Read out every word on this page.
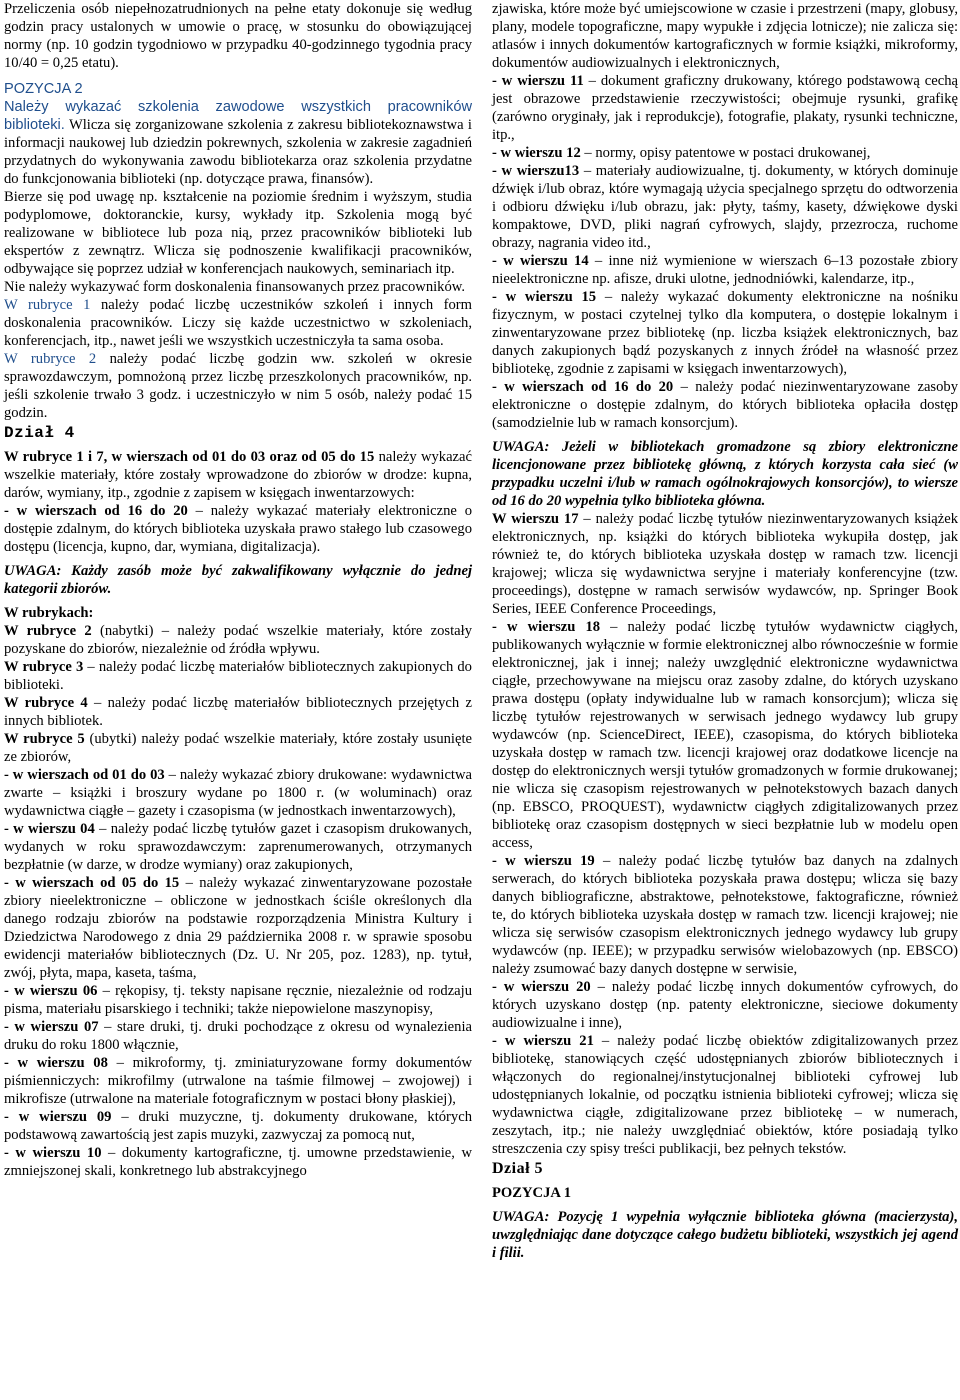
Przeliczenia osób niepełnozatrudnionych na pełne etaty dokonuje się według godzin pracy ustalonych w umowie o pracę, w stosunku do obowiązującej normy (np. 10 godzin tygodniowo w przypadku 40-godzinnego tygodnia pracy 10/40 = 0,25 etatu).

POZYCJA 2

Należy wykazać szkolenia zawodowe wszystkich pracowników biblioteki. Wlicza się zorganizowane szkolenia z zakresu bibliotekoznawstwa i informacji naukowej lub dziedzin pokrewnych, szkolenia w zakresie zagadnień przydatnych do wykonywania zawodu bibliotekarza oraz szkolenia przydatne do funkcjonowania biblioteki (np. dotyczące prawa, finansów).

Bierze się pod uwagę np. kształcenie na poziomie średnim i wyższym, studia podyplomowe, doktoranckie, kursy, wykłady itp. Szkolenia mogą być realizowane w bibliotece lub poza nią, przez pracowników biblioteki lub ekspertów z zewnątrz. Wlicza się podnoszenie kwalifikacji pracowników, odbywające się poprzez udział w konferencjach naukowych, seminariach itp.

Nie należy wykazywać form doskonalenia finansowanych przez pracowników.

W rubryce 1 należy podać liczbę uczestników szkoleń i innych form doskonalenia pracowników. Liczy się każde uczestnictwo w szkoleniach, konferencjach, itp., nawet jeśli we wszystkich uczestniczyła ta sama osoba.

W rubryce 2 należy podać liczbę godzin ww. szkoleń w okresie sprawozdawczym, pomnożoną przez liczbę przeszkolonych pracowników, np. jeśli szkolenie trwało 3 godz. i uczestniczyło w nim 5 osób, należy podać 15 godzin.

Dział 4

W rubryce 1 i 7, w wierszach od 01 do 03 oraz od 05 do 15 należy wykazać wszelkie materiały, które zostały wprowadzone do zbiorów w drodze: kupna, darów, wymiany, itp., zgodnie z zapisem w księgach inwentarzowych:

- w wierszach od 16 do 20 – należy wykazać materiały elektroniczne o dostępie zdalnym, do których biblioteka uzyskała prawo stałego lub czasowego dostępu (licencja, kupno, dar, wymiana, digitalizacja).

UWAGA: Każdy zasób może być zakwalifikowany wyłącznie do jednej kategorii zbiorów.

W rubrykach:

W rubryce 2 (nabytki) – należy podać wszelkie materiały, które zostały pozyskane do zbiorów, niezależnie od źródła wpływu.

W rubryce 3 – należy podać liczbę materiałów bibliotecznych zakupionych do biblioteki.

W rubryce 4 – należy podać liczbę materiałów bibliotecznych przejętych z innych bibliotek.

W rubryce 5 (ubytki) należy podać wszelkie materiały, które zostały usunięte ze zbiorów,

- w wierszach od 01 do 03 – należy wykazać zbiory drukowane: wydawnictwa zwarte – książki i broszury wydane po 1800 r. (w woluminach) oraz wydawnictwa ciągłe – gazety i czasopisma (w jednostkach inwentarzowych),

- w wierszu 04 – należy podać liczbę tytułów gazet i czasopism drukowanych, wydanych w roku sprawozdawczym: zaprenumerowanych, otrzymanych bezpłatnie (w darze, w drodze wymiany) oraz zakupionych,

- w wierszach od 05 do 15 – należy wykazać zinwentaryzowane pozostałe zbiory nieelektroniczne – obliczone w jednostkach ściśle określonych dla danego rodzaju zbiorów na podstawie rozporządzenia Ministra Kultury i Dziedzictwa Narodowego z dnia 29 października 2008 r. w sprawie sposobu ewidencji materiałów bibliotecznych (Dz. U. Nr 205, poz. 1283), np. tytuł, zwój, płyta, mapa, kaseta, taśma,

- w wierszu 06 – rękopisy, tj. teksty napisane ręcznie, niezależnie od rodzaju pisma, materiału pisarskiego i techniki; także niepowielone maszynopisy,

- w wierszu 07 – stare druki, tj. druki pochodzące z okresu od wynalezienia druku do roku 1800 włącznie,

- w wierszu 08 – mikroformy, tj. zminiaturyzowane formy dokumentów piśmienniczych: mikrofilmy (utrwalone na taśmie filmowej – zwojowej) i mikrofisze (utrwalone na materiale fotograficznym w postaci błony płaskiej),

- w wierszu 09 – druki muzyczne, tj. dokumenty drukowane, których podstawową zawartością jest zapis muzyki, zazwyczaj za pomocą nut,

- w wierszu 10 – dokumenty kartograficzne, tj. umowne przedstawienie, w zmniejszonej skali, konkretnego lub abstrakcyjnego

zjawiska, które może być umiejscowione w czasie i przestrzeni (mapy, globusy, plany, modele topograficzne, mapy wypukłe i zdjęcia lotnicze); nie zalicza się: atlasów i innych dokumentów kartograficznych w formie książki, mikroformy, dokumentów audiowizualnych i elektronicznych,

- w wierszu 11 – dokument graficzny drukowany, którego podstawową cechą jest obrazowe przedstawienie rzeczywistości; obejmuje rysunki, grafikę (zarówno oryginały, jak i reprodukcje), fotografie, plakaty, rysunki techniczne, itp.,

- w wierszu 12 – normy, opisy patentowe w postaci drukowanej,

- w wierszu13 – materiały audiowizualne, tj. dokumenty, w których dominuje dźwięk i/lub obraz, które wymagają użycia specjalnego sprzętu do odtworzenia i odbioru dźwięku i/lub obrazu, jak: płyty, taśmy, kasety, dźwiękowe dyski kompaktowe, DVD, pliki nagrań cyfrowych, slajdy, przezrocza, ruchome obrazy, nagrania video itd.,

- w wierszu 14 – inne niż wymienione w wierszach 6–13 pozostałe zbiory nieelektroniczne np. afisze, druki ulotne, jednodniówki, kalendarze, itp.,

- w wierszu 15 – należy wykazać dokumenty elektroniczne na nośniku fizycznym, w postaci czytelnej tylko dla komputera, o dostępie lokalnym i zinwentaryzowane przez bibliotekę (np. liczba książek elektronicznych, baz danych zakupionych bądź pozyskanych z innych źródeł na własność przez bibliotekę, zgodnie z zapisami w księgach inwentarzowych),

- w wierszach od 16 do 20 – należy podać niezinwentaryzowane zasoby elektroniczne o dostępie zdalnym, do których biblioteka opłaciła dostęp (samodzielnie lub w ramach konsorcjum).

UWAGA: Jeżeli w bibliotekach gromadzone są zbiory elektroniczne licencjonowane przez bibliotekę główną, z których korzysta cała sieć (w przypadku uczelni i/lub w ramach ogólnokrajowych konsorcjów), to wiersze od 16 do 20 wypełnia tylko biblioteka główna.

W wierszu 17 – należy podać liczbę tytułów niezinwentaryzowanych książek elektronicznych, np. książki do których biblioteka wykupiła dostęp, jak również te, do których biblioteka uzyskała dostęp w ramach tzw. licencji krajowej; wlicza się wydawnictwa seryjne i materiały konferencyjne (tzw. proceedings), dostępne w ramach serwisów wydawców, np. Springer Book Series, IEEE Conference Proceedings,

- w wierszu 18 – należy podać liczbę tytułów wydawnictw ciągłych, publikowanych wyłącznie w formie elektronicznej albo równocześnie w formie elektronicznej, jak i innej; należy uwzględnić elektroniczne wydawnictwa ciągłe, przechowywane na miejscu oraz zasoby zdalne, do których uzyskano prawa dostępu (opłaty indywidualne lub w ramach konsorcjum); wlicza się liczbę tytułów rejestrowanych w serwisach jednego wydawcy lub grupy wydawców (np. ScienceDirect, IEEE), czasopisma, do których biblioteka uzyskała dostęp w ramach tzw. licencji krajowej oraz dodatkowe licencje na dostęp do elektronicznych wersji tytułów gromadzonych w formie drukowanej; nie wlicza się czasopism rejestrowanych w pełnotekstowych bazach danych (np. EBSCO, PROQUEST), wydawnictw ciągłych zdigitalizowanych przez bibliotekę oraz czasopism dostępnych w sieci bezpłatnie lub w modelu open access,

- w wierszu 19 – należy podać liczbę tytułów baz danych na zdalnych serwerach, do których biblioteka pozyskała prawa dostępu; wlicza się bazy danych bibliograficzne, abstraktowe, pełnotekstowe, faktograficzne, również te, do których biblioteka uzyskała dostęp w ramach tzw. licencji krajowej; nie wlicza się serwisów czasopism elektronicznych jednego wydawcy lub grupy wydawców (np. IEEE); w przypadku serwisów wielobazowych (np. EBSCO) należy zsumować bazy danych dostępne w serwisie,

- w wierszu 20 – należy podać liczbę innych dokumentów cyfrowych, do których uzyskano dostęp (np. patenty elektroniczne, sieciowe dokumenty audiowizualne i inne),

- w wierszu 21 – należy podać liczbę obiektów zdigitalizowanych przez bibliotekę, stanowiących część udostępnianych zbiorów bibliotecznych i włączonych do regionalnej/instytucjonalnej biblioteki cyfrowej lub udostępnianych lokalnie, od początku istnienia biblioteki cyfrowej; wlicza się wydawnictwa ciągłe, zdigitalizowane przez bibliotekę – w numerach, zeszytach, itp.; nie należy uwzględniać obiektów, które posiadają tylko streszczenia czy spisy treści publikacji, bez pełnych tekstów.

Dział 5

POZYCJA 1

UWAGA: Pozycję 1 wypełnia wyłącznie biblioteka główna (macierzysta), uwzględniając dane dotyczące całego budżetu biblioteki, wszystkich jej agend i filii.
